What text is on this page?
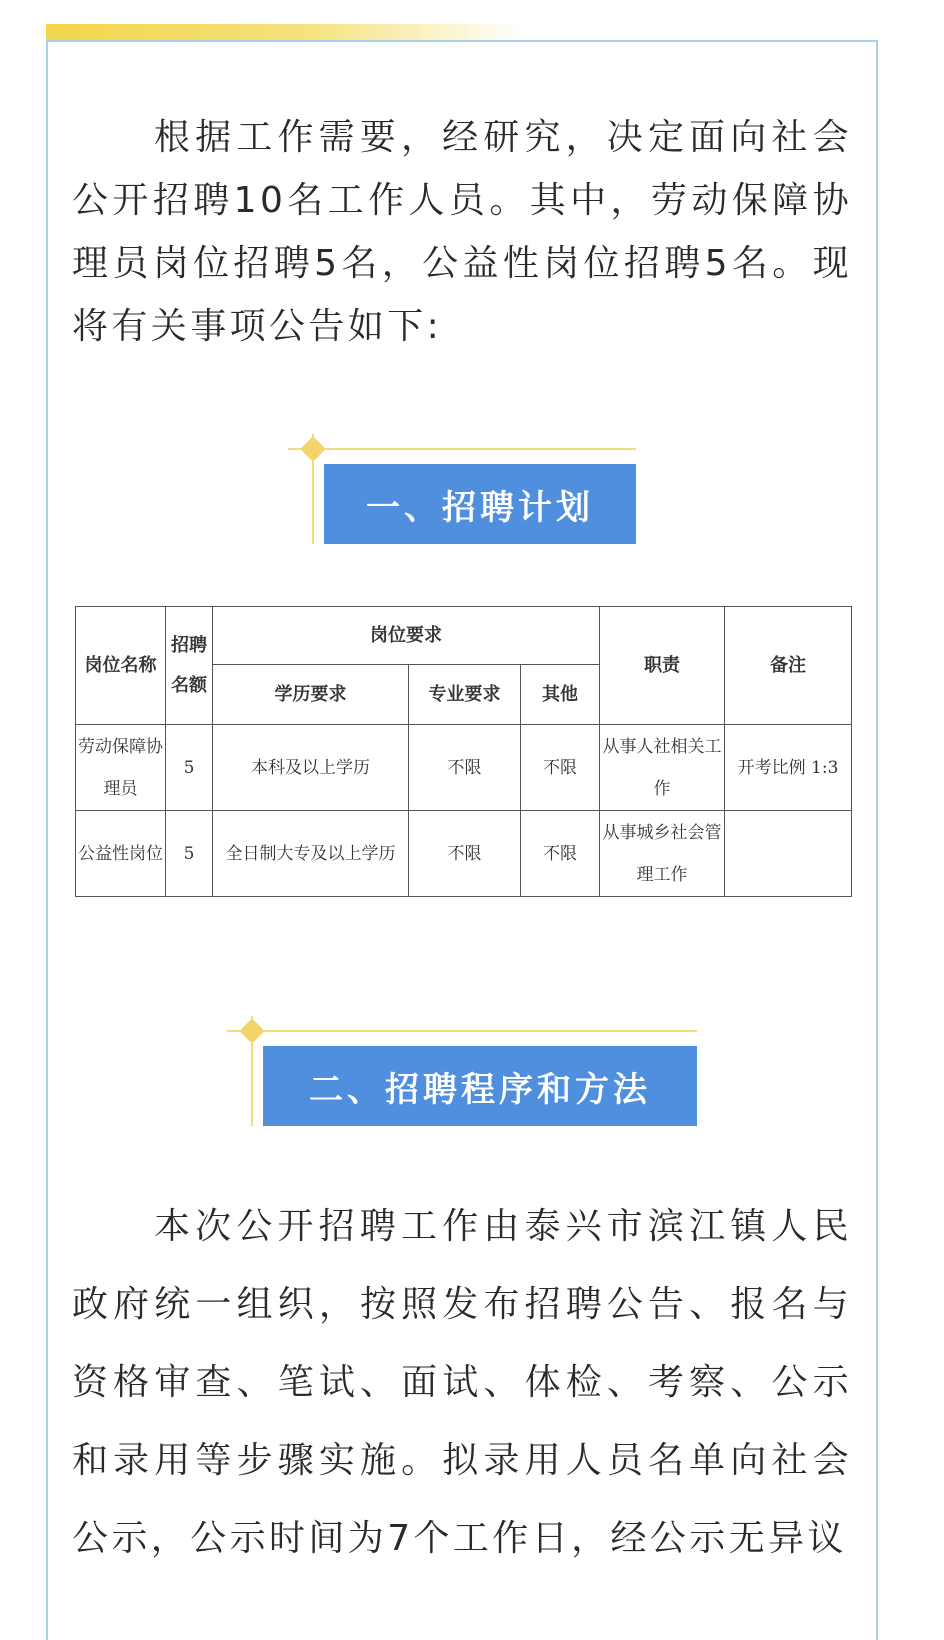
根据工作需要，经研究，决定面向社会公开招聘10名工作人员。其中，劳动保障协理员岗位招聘5名，公益性岗位招聘5名。现将有关事项公告如下:

一、招聘计划
岗位名称	招聘名额	岗位要求			职责	备注
		学历要求	专业要求	其他		
劳动保障协理员	5	本科及以上学历	不限	不限	从事人社相关工作	开考比例 1:3
公益性岗位	5	全日制大专及以上学历	不限	不限	从事城乡社会管理工作	
二、招聘程序和方法

本次公开招聘工作由泰兴市滨江镇人民政府统一组织，按照发布招聘公告、报名与资格审查、笔试、面试、体检、考察、公示和录用等步骤实施。拟录用人员名单向社会公示，公示时间为7个工作日，经公示无异议
